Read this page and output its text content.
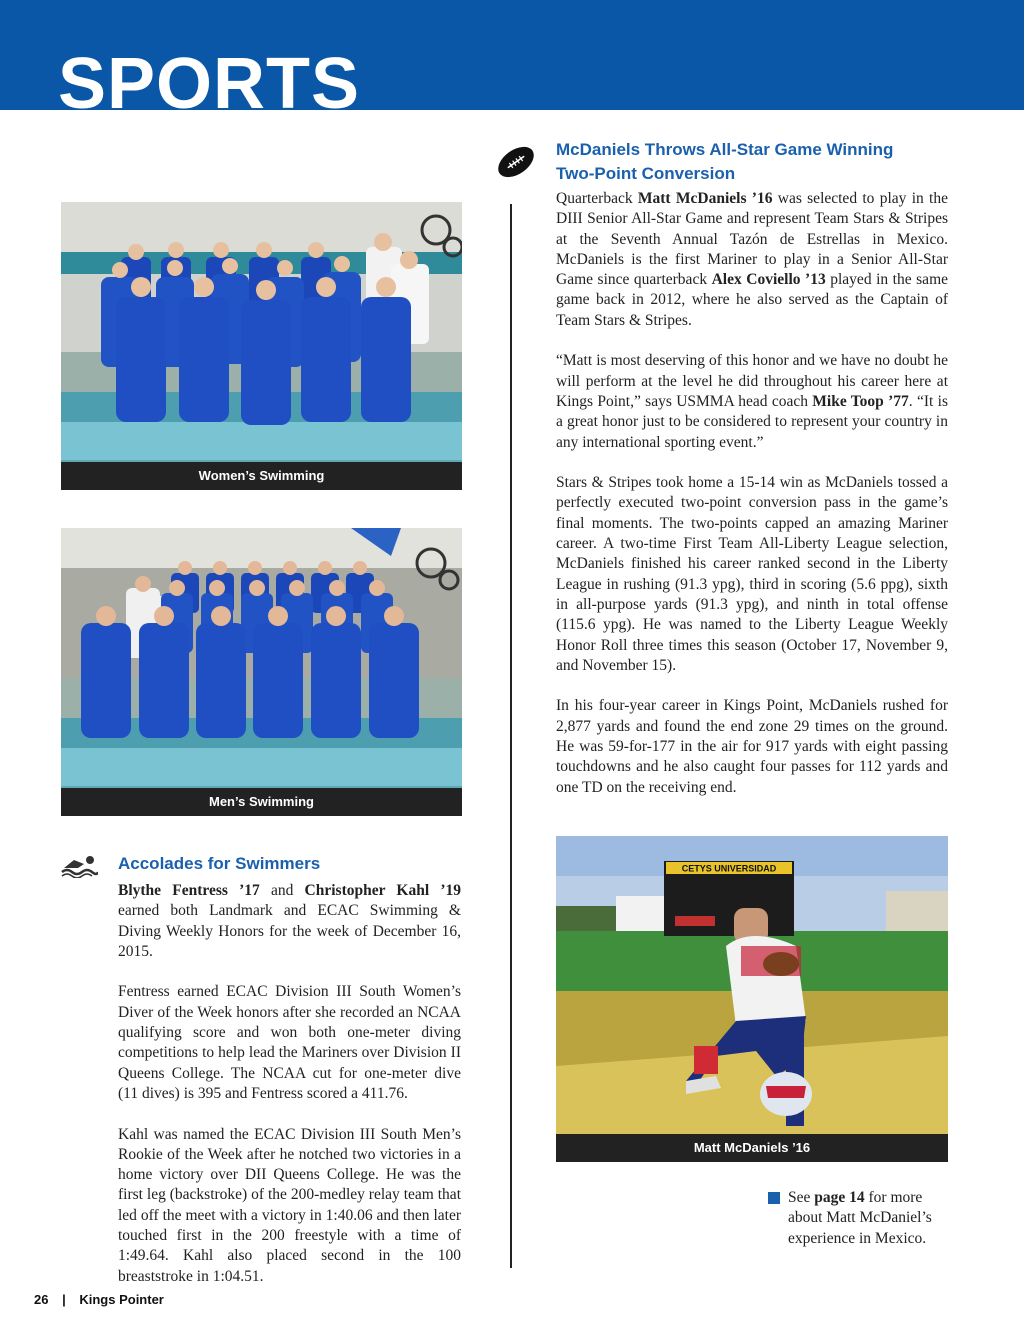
SPORTS
Women’s Swimming
Men’s Swimming
Accolades for Swimmers

Blythe Fentress ’17 and Christopher Kahl ’19 earned both Landmark and ECAC Swimming & Diving Weekly Honors for the week of December 16, 2015.

Fentress earned ECAC Division III South Women’s Diver of the Week honors after she recorded an NCAA qualifying score and won both one-meter diving competitions to help lead the Mariners over Division II Queens College. The NCAA cut for one-meter dive (11 dives) is 395 and Fentress scored a 411.76.

Kahl was named the ECAC Division III South Men’s Rookie of the Week after he notched two victories in a home victory over DII Queens College. He was the first leg (backstroke) of the 200-medley relay team that led off the meet with a victory in 1:40.06 and then later touched first in the 200 freestyle with a time of 1:49.64. Kahl also placed second in the 100 breaststroke in 1:04.51.

McDaniels Throws All-Star Game Winning
Two-Point Conversion

Quarterback Matt McDaniels ’16 was selected to play in the DIII Senior All-Star Game and represent Team Stars & Stripes at the Seventh Annual Tazón de Estrellas in Mexico. McDaniels is the first Mariner to play in a Senior All-Star Game since quarterback Alex Coviello ’13 played in the same game back in 2012, where he also served as the Captain of Team Stars & Stripes.

“Matt is most deserving of this honor and we have no doubt he will perform at the level he did throughout his career here at Kings Point,” says USMMA head coach Mike Toop ’77. “It is a great honor just to be considered to represent your country in any international sporting event.”

Stars & Stripes took home a 15-14 win as McDaniels tossed a perfectly executed two-point conversion pass in the game’s final moments. The two-points capped an amazing Mariner career. A two-time First Team All-Liberty League selection, McDaniels finished his career ranked second in the Liberty League in rushing (91.3 ypg), third in scoring (5.6 ppg), sixth in all-purpose yards (91.3 ypg), and ninth in total offense (115.6 ypg). He was named to the Liberty League Weekly Honor Roll three times this season (October 17, November 9, and November 15).

In his four-year career in Kings Point, McDaniels rushed for 2,877 yards and found the end zone 29 times on the ground. He was 59-for-177 in the air for 917 yards with eight passing touchdowns and he also caught four passes for 112 yards and one TD on the receiving end.

CETYS UNIVERSIDAD
Matt McDaniels ’16
See page 14 for more about Matt McDaniel’s experience in Mexico.
26 | Kings Pointer
